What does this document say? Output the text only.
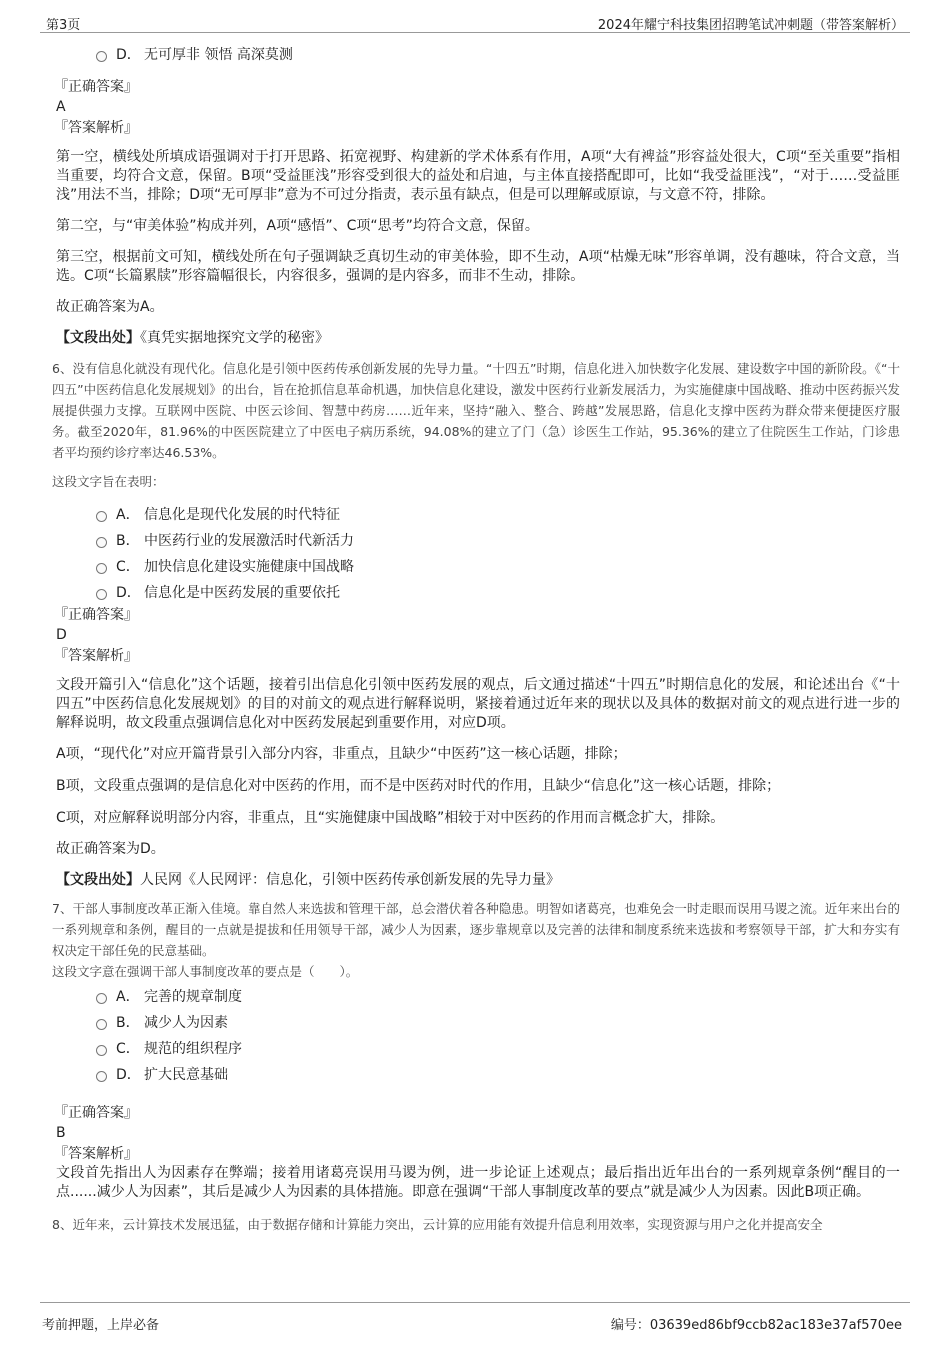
第3页	2024年耀宁科技集团招聘笔试冲刺题（带答案解析）
D． 无可厚非 领悟 高深莫测
『正确答案』
A
『答案解析』

第一空，横线处所填成语强调对于打开思路、拓宽视野、构建新的学术体系有作用，A项“大有裨益”形容益处很大，C项“至关重要”指相当重要，均符合文意，保留。B项“受益匪浅”形容受到很大的益处和启迪，与主体直接搭配即可，比如“我受益匪浅”，“对于……受益匪浅”用法不当，排除；D项“无可厚非”意为不可过分指责，表示虽有缺点，但是可以理解或原谅，与文意不符，排除。

第二空，与“审美体验”构成并列，A项“感悟”、C项“思考”均符合文意，保留。

第三空，根据前文可知，横线处所在句子强调缺乏真切生动的审美体验，即不生动，A项“枯燥无味”形容单调，没有趣味，符合文意，当选。C项“长篇累牍”形容篇幅很长，内容很多，强调的是内容多，而非不生动，排除。

故正确答案为A。

【文段出处】《真凭实据地探究文学的秘密》

6、没有信息化就没有现代化。信息化是引领中医药传承创新发展的先导力量。“十四五”时期，信息化进入加快数字化发展、建设数字中国的新阶段。《“十四五”中医药信息化发展规划》的出台，旨在抢抓信息革命机遇，加快信息化建设，激发中医药行业新发展活力，为实施健康中国战略、推动中医药振兴发展提供强力支撑。互联网中医院、中医云诊间、智慧中药房……近年来，坚持“融入、整合、跨越”发展思路，信息化支撑中医药为群众带来便捷医疗服务。截至2020年，81.96%的中医医院建立了中医电子病历系统，94.08%的建立了门（急）诊医生工作站，95.36%的建立了住院医生工作站，门诊患者平均预约诊疗率达46.53%。

这段文字旨在表明：

A． 信息化是现代化发展的时代特征
B． 中医药行业的发展激活时代新活力
C． 加快信息化建设实施健康中国战略
D． 信息化是中医药发展的重要依托
『正确答案』
D
『答案解析』

文段开篇引入“信息化”这个话题，接着引出信息化引领中医药发展的观点，后文通过描述“十四五”时期信息化的发展，和论述出台《“十四五”中医药信息化发展规划》的目的对前文的观点进行解释说明，紧接着通过近年来的现状以及具体的数据对前文的观点进行进一步的解释说明，故文段重点强调信息化对中医药发展起到重要作用，对应D项。

A项，“现代化”对应开篇背景引入部分内容，非重点，且缺少“中医药”这一核心话题，排除；

B项，文段重点强调的是信息化对中医药的作用，而不是中医药对时代的作用，且缺少“信息化”这一核心话题，排除；

C项，对应解释说明部分内容，非重点，且“实施健康中国战略”相较于对中医药的作用而言概念扩大，排除。

故正确答案为D。

【文段出处】人民网《人民网评：信息化，引领中医药传承创新发展的先导力量》

7、干部人事制度改革正渐入佳境。靠自然人来选拔和管理干部，总会潜伏着各种隐患。明智如诸葛亮，也难免会一时走眼而误用马谡之流。近年来出台的一系列规章和条例，醒目的一点就是提拔和任用领导干部，减少人为因素，逐步靠规章以及完善的法律和制度系统来选拔和考察领导干部，扩大和夯实有权决定干部任免的民意基础。

这段文字意在强调干部人事制度改革的要点是（　　）。

A． 完善的规章制度
B． 减少人为因素
C． 规范的组织程序
D． 扩大民意基础
『正确答案』
B
『答案解析』

文段首先指出人为因素存在弊端；接着用诸葛亮误用马谡为例，进一步论证上述观点；最后指出近年出台的一系列规章条例“醒目的一点......减少人为因素”，其后是减少人为因素的具体措施。即意在强调“干部人事制度改革的要点”就是减少人为因素。因此B项正确。

8、近年来，云计算技术发展迅猛，由于数据存储和计算能力突出，云计算的应用能有效提升信息利用效率，实现资源与用户之化并提高安全

考前押题，上岸必备	编号：03639ed86bf9ccb82ac183e37af570ee
